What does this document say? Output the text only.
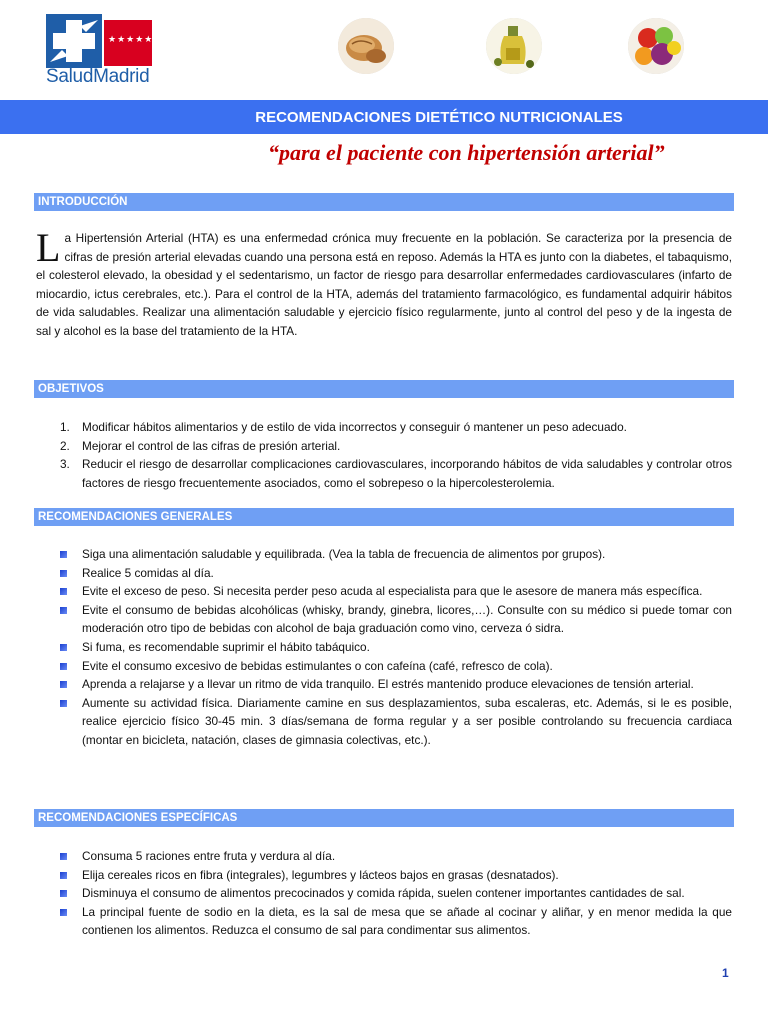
★★★★★★★
SaludMadrid
RECOMENDACIONES DIETÉTICO NUTRICIONALES
“para el paciente con hipertensión arterial”
INTRODUCCIÓN
La Hipertensión Arterial (HTA) es una enfermedad crónica muy frecuente en la población. Se caracteriza por la presencia de cifras de presión arterial elevadas cuando una persona está en reposo. Además la HTA es junto con la diabetes, el tabaquismo, el colesterol elevado, la obesidad y el sedentarismo, un factor de riesgo para desarrollar enfermedades cardiovasculares (infarto de miocardio, ictus cerebrales, etc.). Para el control de la HTA, además del tratamiento farmacológico, es fundamental adquirir hábitos de vida saludables. Realizar una alimentación saludable y ejercicio físico regularmente, junto al control del peso y de la ingesta de sal y alcohol es la base del tratamiento de la HTA.
OBJETIVOS
1. Modificar hábitos alimentarios y de estilo de vida incorrectos y conseguir ó mantener un peso adecuado.
2. Mejorar el control de las cifras de presión arterial.
3. Reducir el riesgo de desarrollar complicaciones cardiovasculares, incorporando hábitos de vida saludables y controlar otros factores de riesgo frecuentemente asociados, como el sobrepeso o la hipercolesterolemia.
RECOMENDACIONES GENERALES
Siga una alimentación saludable y equilibrada. (Vea la tabla de frecuencia de alimentos por grupos).
Realice 5 comidas al día.
Evite el exceso de peso. Si necesita perder peso acuda al especialista para que le asesore de manera más específica.
Evite el consumo de bebidas alcohólicas (whisky, brandy, ginebra, licores,…). Consulte con su médico si puede tomar con moderación otro tipo de bebidas con alcohol de baja graduación como vino, cerveza ó sidra.
Si fuma, es recomendable suprimir el hábito tabáquico.
Evite el consumo excesivo de bebidas estimulantes o con cafeína (café, refresco de cola).
Aprenda a relajarse y a llevar un ritmo de vida tranquilo. El estrés mantenido produce elevaciones de tensión arterial.
Aumente su actividad física. Diariamente camine en sus desplazamientos, suba escaleras, etc. Además, si le es posible, realice ejercicio físico 30-45 min. 3 días/semana de forma regular y a ser posible controlando su frecuencia cardiaca (montar en bicicleta, natación, clases de gimnasia colectivas, etc.).
RECOMENDACIONES ESPECÍFICAS
Consuma 5 raciones entre fruta y verdura al día.
Elija cereales ricos en fibra (integrales), legumbres y lácteos bajos en grasas (desnatados).
Disminuya el consumo de alimentos precocinados y comida rápida, suelen contener importantes cantidades de sal.
La principal fuente de sodio en la dieta, es la sal de mesa que se añade al cocinar y aliñar, y en menor medida la que contienen los alimentos. Reduzca el consumo de sal para condimentar sus alimentos.
1
